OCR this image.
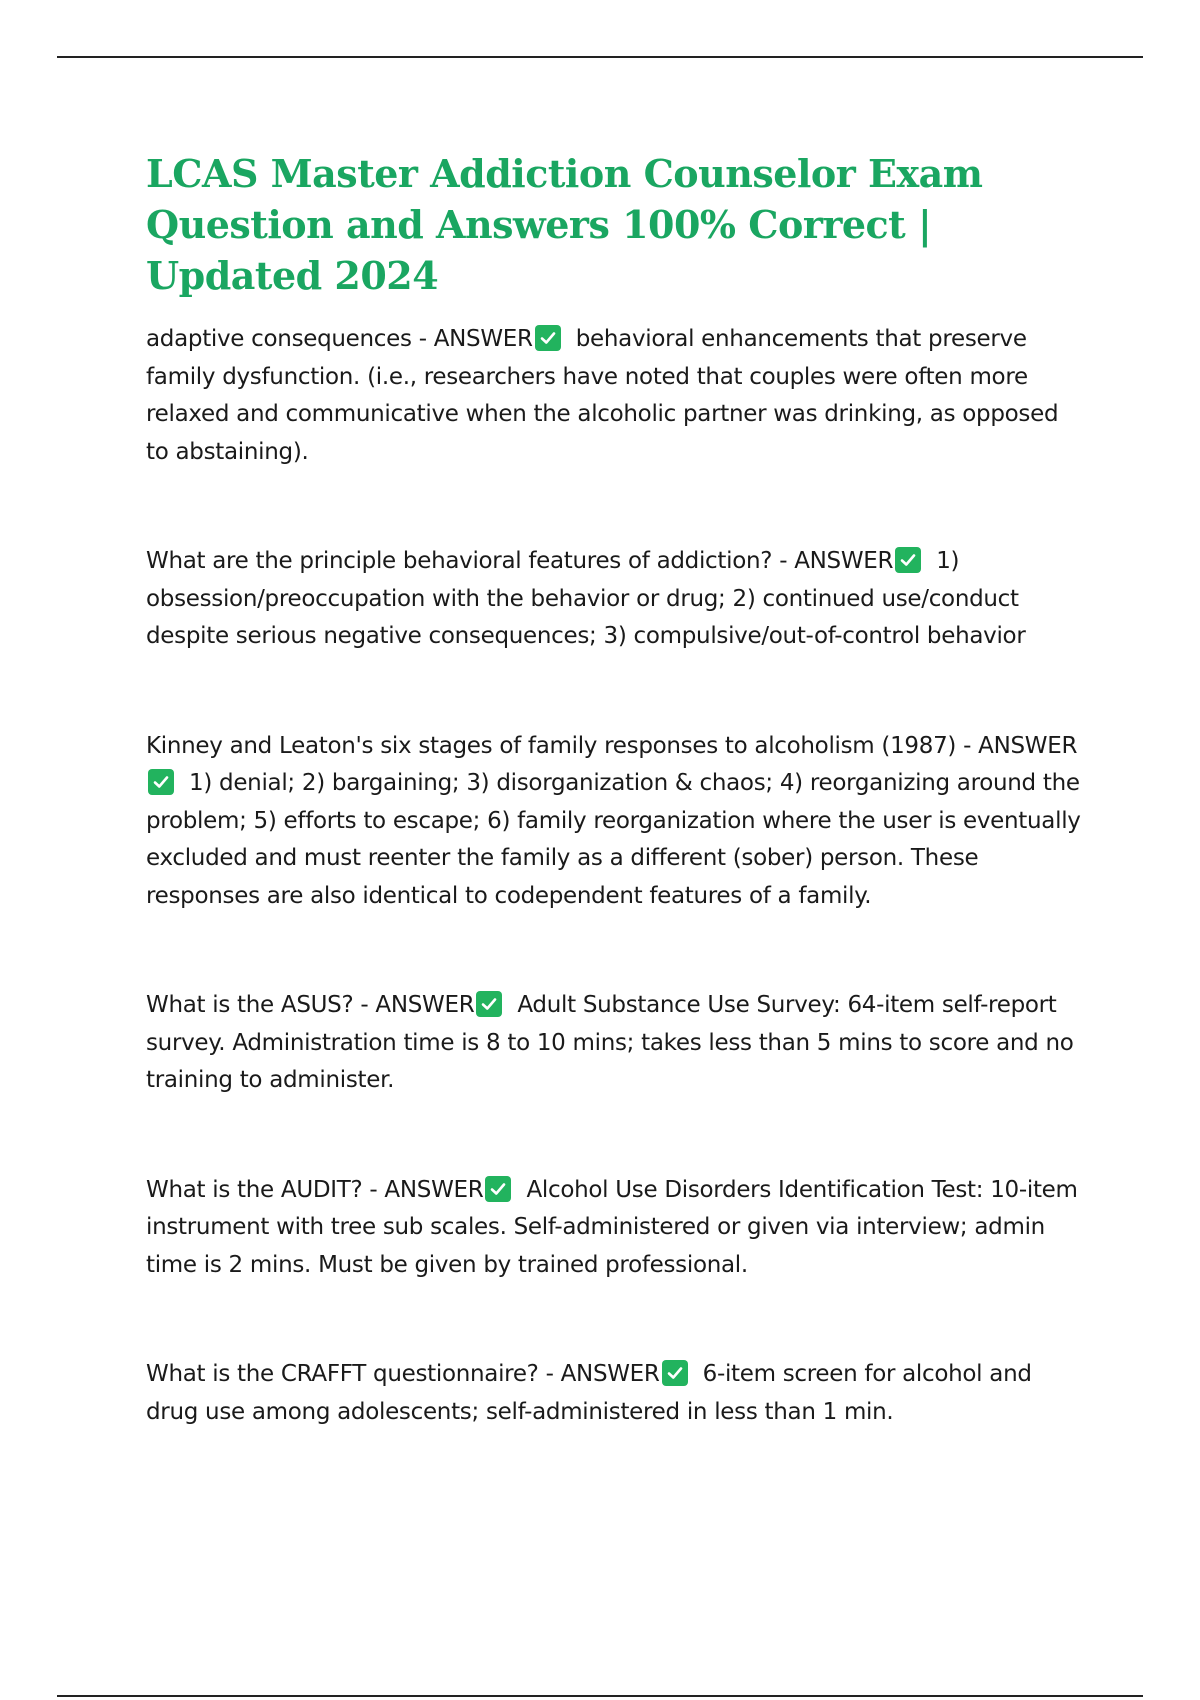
LCAS Master Addiction Counselor Exam Question and Answers 100% Correct | Updated 2024

adaptive consequences - ANSWER behavioral enhancements that preserve family dysfunction. (i.e., researchers have noted that couples were often more relaxed and communicative when the alcoholic partner was drinking, as opposed to abstaining).

What are the principle behavioral features of addiction? - ANSWER 1) obsession/preoccupation with the behavior or drug; 2) continued use/conduct despite serious negative consequences; 3) compulsive/out-of-control behavior

Kinney and Leaton's six stages of family responses to alcoholism (1987) - ANSWER
1) denial; 2) bargaining; 3) disorganization & chaos; 4) reorganizing around the problem; 5) efforts to escape; 6) family reorganization where the user is eventually excluded and must reenter the family as a different (sober) person. These responses are also identical to codependent features of a family.

What is the ASUS? - ANSWER Adult Substance Use Survey: 64-item self-report survey. Administration time is 8 to 10 mins; takes less than 5 mins to score and no training to administer.

What is the AUDIT? - ANSWER Alcohol Use Disorders Identification Test: 10-item instrument with tree sub scales. Self-administered or given via interview; admin time is 2 mins. Must be given by trained professional.

What is the CRAFFT questionnaire? - ANSWER 6-item screen for alcohol and drug use among adolescents; self-administered in less than 1 min.
